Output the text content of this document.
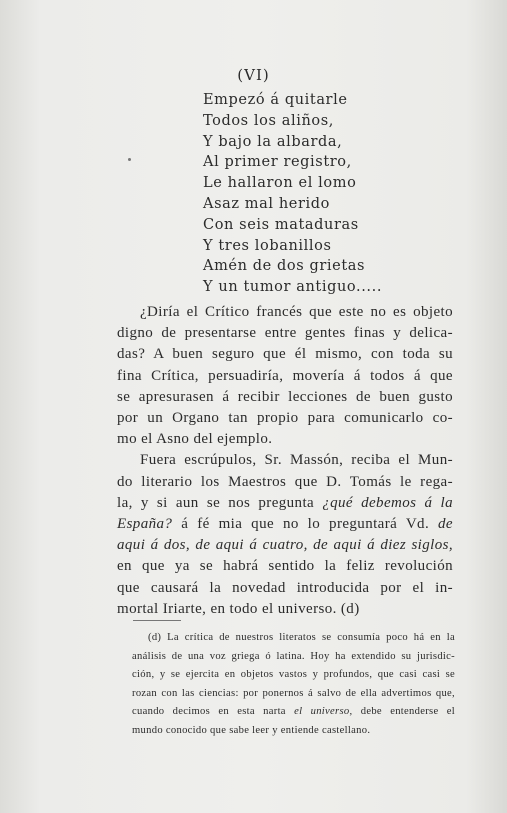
(VI)
Empezó á quitarle
Todos los aliños,
Y bajo la albarda,
Al primer registro,
Le hallaron el lomo
Asaz mal herido
Con seis mataduras
Y tres lobanillos
Amén de dos grietas
Y un tumor antiguo.....
¿Diría el Crítico francés que este no es objeto
digno de presentarse entre gentes finas y delica-
das? A buen seguro que él mismo, con toda su
fina Crítica, persuadiría, movería á todos á que
se apresurasen á recibir lecciones de buen gusto
por un Organo tan propio para comunicarlo co-
mo el Asno del ejemplo.
Fuera escrúpulos, Sr. Massón, reciba el Mun-
do literario los Maestros que D. Tomás le rega-
la, y si aun se nos pregunta ¿qué debemos á la
España? á fé mia que no lo preguntará Vd. de
aqui á dos, de aqui á cuatro, de aqui á diez siglos,
en que ya se habrá sentido la feliz revolución
que causará la novedad introducida por el in-
mortal Iriarte, en todo el universo. (d)
(d) La crítica de nuestros literatos se consumía poco há en la
análisis de una voz griega ó latina. Hoy ha extendido su jurisdic-
ción, y se ejercita en objetos vastos y profundos, que casi casi se
rozan con las ciencias: por ponernos á salvo de ella advertimos que,
cuando decimos en esta narta el universo, debe entenderse el
mundo conocido que sabe leer y entiende castellano.
